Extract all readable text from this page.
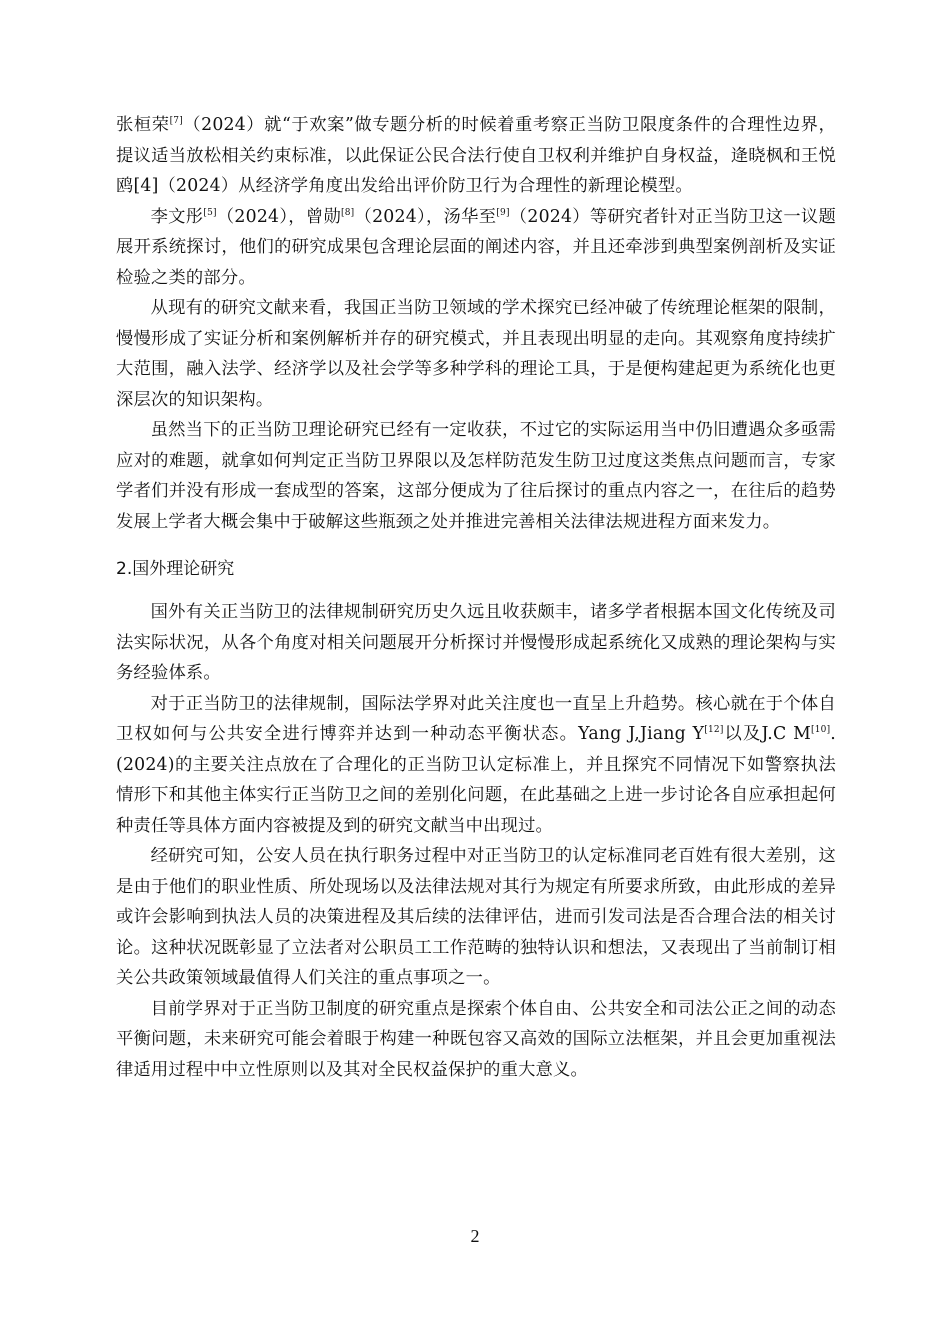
张桓荣[7]（2024）就“于欢案”做专题分析的时候着重考察正当防卫限度条件的合理性边界，提议适当放松相关约束标准，以此保证公民合法行使自卫权利并维护自身权益，逄晓枫和王悦鸥[4]（2024）从经济学角度出发给出评价防卫行为合理性的新理论模型。

李文彤[5]（2024），曾勋[8]（2024），汤华至[9]（2024）等研究者针对正当防卫这一议题展开系统探讨，他们的研究成果包含理论层面的阐述内容，并且还牵涉到典型案例剖析及实证检验之类的部分。

从现有的研究文献来看，我国正当防卫领域的学术探究已经冲破了传统理论框架的限制，慢慢形成了实证分析和案例解析并存的研究模式，并且表现出明显的走向。其观察角度持续扩大范围，融入法学、经济学以及社会学等多种学科的理论工具，于是便构建起更为系统化也更深层次的知识架构。

虽然当下的正当防卫理论研究已经有一定收获，不过它的实际运用当中仍旧遭遇众多亟需应对的难题，就拿如何判定正当防卫界限以及怎样防范发生防卫过度这类焦点问题而言，专家学者们并没有形成一套成型的答案，这部分便成为了往后探讨的重点内容之一，在往后的趋势发展上学者大概会集中于破解这些瓶颈之处并推进完善相关法律法规进程方面来发力。

2.国外理论研究

国外有关正当防卫的法律规制研究历史久远且收获颇丰，诸多学者根据本国文化传统及司法实际状况，从各个角度对相关问题展开分析探讨并慢慢形成起系统化又成熟的理论架构与实务经验体系。

对于正当防卫的法律规制，国际法学界对此关注度也一直呈上升趋势。核心就在于个体自卫权如何与公共安全进行博弈并达到一种动态平衡状态。Yang J,Jiang Y[12]以及J.C M[10].(2024)的主要关注点放在了合理化的正当防卫认定标准上，并且探究不同情况下如警察执法情形下和其他主体实行正当防卫之间的差别化问题，在此基础之上进一步讨论各自应承担起何种责任等具体方面内容被提及到的研究文献当中出现过。

经研究可知，公安人员在执行职务过程中对正当防卫的认定标准同老百姓有很大差别，这是由于他们的职业性质、所处现场以及法律法规对其行为规定有所要求所致，由此形成的差异或许会影响到执法人员的决策进程及其后续的法律评估，进而引发司法是否合理合法的相关讨论。这种状况既彰显了立法者对公职员工工作范畴的独特认识和想法，又表现出了当前制订相关公共政策领域最值得人们关注的重点事项之一。

目前学界对于正当防卫制度的研究重点是探索个体自由、公共安全和司法公正之间的动态平衡问题，未来研究可能会着眼于构建一种既包容又高效的国际立法框架，并且会更加重视法律适用过程中中立性原则以及其对全民权益保护的重大意义。

2
